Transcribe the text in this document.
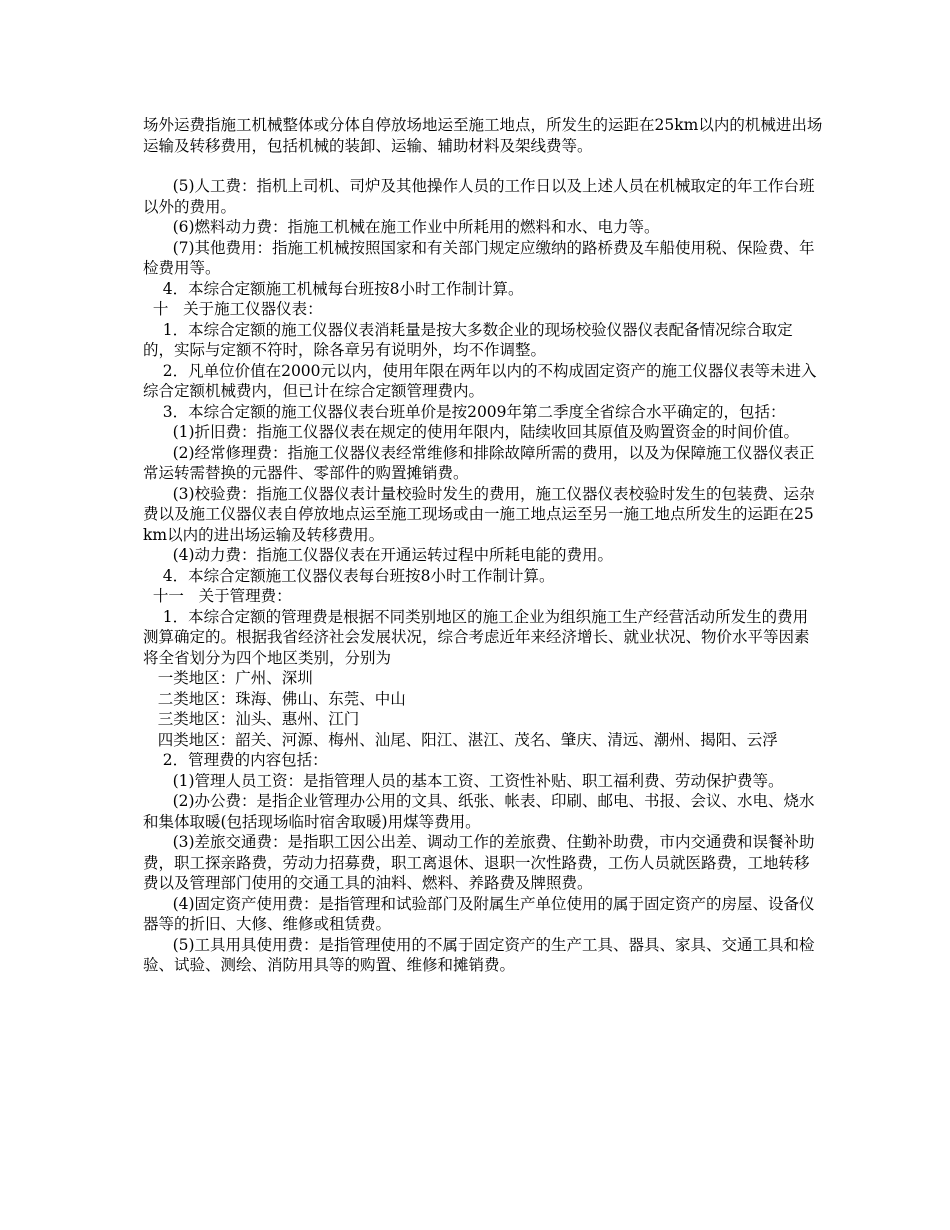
场外运费指施工机械整体或分体自停放场地运至施工地点，所发生的运距在25km以内的机械进出场运输及转移费用，包括机械的装卸、运输、辅助材料及架线费等。

(5)人工费：指机上司机、司炉及其他操作人员的工作日以及上述人员在机械取定的年工作台班以外的费用。

(6)燃料动力费：指施工机械在施工作业中所耗用的燃料和水、电力等。

(7)其他费用：指施工机械按照国家和有关部门规定应缴纳的路桥费及车船使用税、保险费、年检费用等。

4．本综合定额施工机械每台班按8小时工作制计算。

十   关于施工仪器仪表：

1．本综合定额的施工仪器仪表消耗量是按大多数企业的现场校验仪器仪表配备情况综合取定的，实际与定额不符时，除各章另有说明外，均不作调整。

2．凡单位价值在2000元以内，使用年限在两年以内的不构成固定资产的施工仪器仪表等未进入综合定额机械费内，但已计在综合定额管理费内。

3．本综合定额的施工仪器仪表台班单价是按2009年第二季度全省综合水平确定的，包括：

(1)折旧费：指施工仪器仪表在规定的使用年限内，陆续收回其原值及购置资金的时间价值。

(2)经常修理费：指施工仪器仪表经常维修和排除故障所需的费用，以及为保障施工仪器仪表正常运转需替换的元器件、零部件的购置摊销费。

(3)校验费：指施工仪器仪表计量校验时发生的费用，施工仪器仪表校验时发生的包装费、运杂费以及施工仪器仪表自停放地点运至施工现场或由一施工地点运至另一施工地点所发生的运距在25km以内的进出场运输及转移费用。

(4)动力费：指施工仪器仪表在开通运转过程中所耗电能的费用。

4．本综合定额施工仪器仪表每台班按8小时工作制计算。

十一   关于管理费：

1．本综合定额的管理费是根据不同类别地区的施工企业为组织施工生产经营活动所发生的费用测算确定的。根据我省经济社会发展状况，综合考虑近年来经济增长、就业状况、物价水平等因素将全省划分为四个地区类别，分别为

一类地区：广州、深圳

二类地区：珠海、佛山、东莞、中山

三类地区：汕头、惠州、江门

四类地区：韶关、河源、梅州、汕尾、阳江、湛江、茂名、肇庆、清远、潮州、揭阳、云浮

2．管理费的内容包括：

(1)管理人员工资：是指管理人员的基本工资、工资性补贴、职工福利费、劳动保护费等。

(2)办公费：是指企业管理办公用的文具、纸张、帐表、印刷、邮电、书报、会议、水电、烧水和集体取暖(包括现场临时宿舍取暖)用煤等费用。

(3)差旅交通费：是指职工因公出差、调动工作的差旅费、住勤补助费，市内交通费和误餐补助费，职工探亲路费，劳动力招募费，职工离退休、退职一次性路费，工伤人员就医路费，工地转移费以及管理部门使用的交通工具的油料、燃料、养路费及牌照费。

(4)固定资产使用费：是指管理和试验部门及附属生产单位使用的属于固定资产的房屋、设备仪器等的折旧、大修、维修或租赁费。

(5)工具用具使用费：是指管理使用的不属于固定资产的生产工具、器具、家具、交通工具和检验、试验、测绘、消防用具等的购置、维修和摊销费。
